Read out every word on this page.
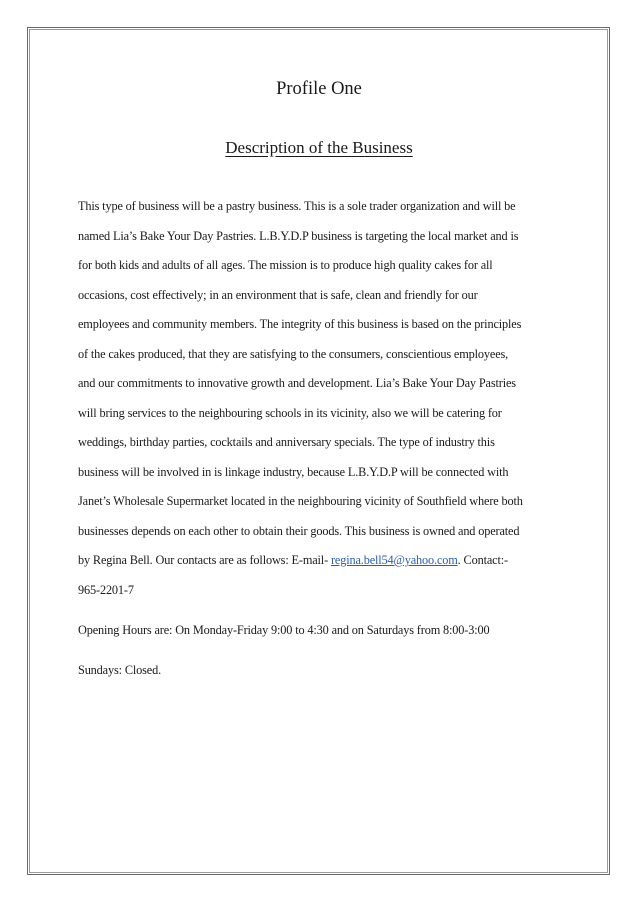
Profile One
Description of the Business
This type of business will be a pastry business. This is a sole trader organization and will be
named Lia’s Bake Your Day Pastries. L.B.Y.D.P business is targeting the local market and is
for both kids and adults of all ages. The mission is to produce high quality cakes for all
occasions, cost effectively; in an environment that is safe, clean and friendly for our
employees and community members. The integrity of this business is based on the principles
of the cakes produced, that they are satisfying to the consumers, conscientious employees,
and our commitments to innovative growth and development. Lia’s Bake Your Day Pastries
will bring services to the neighbouring schools in its vicinity, also we will be catering for
weddings, birthday parties, cocktails and anniversary specials. The type of industry this
business will be involved in is linkage industry, because L.B.Y.D.P will be connected with
Janet’s Wholesale Supermarket located in the neighbouring vicinity of Southfield where both
businesses depends on each other to obtain their goods. This business is owned and operated
by Regina Bell. Our contacts are as follows: E-mail- regina.bell54@yahoo.com. Contact:-
965-2201-7

Opening Hours are: On Monday-Friday 9:00 to 4:30 and on Saturdays from 8:00-3:00

Sundays: Closed.
